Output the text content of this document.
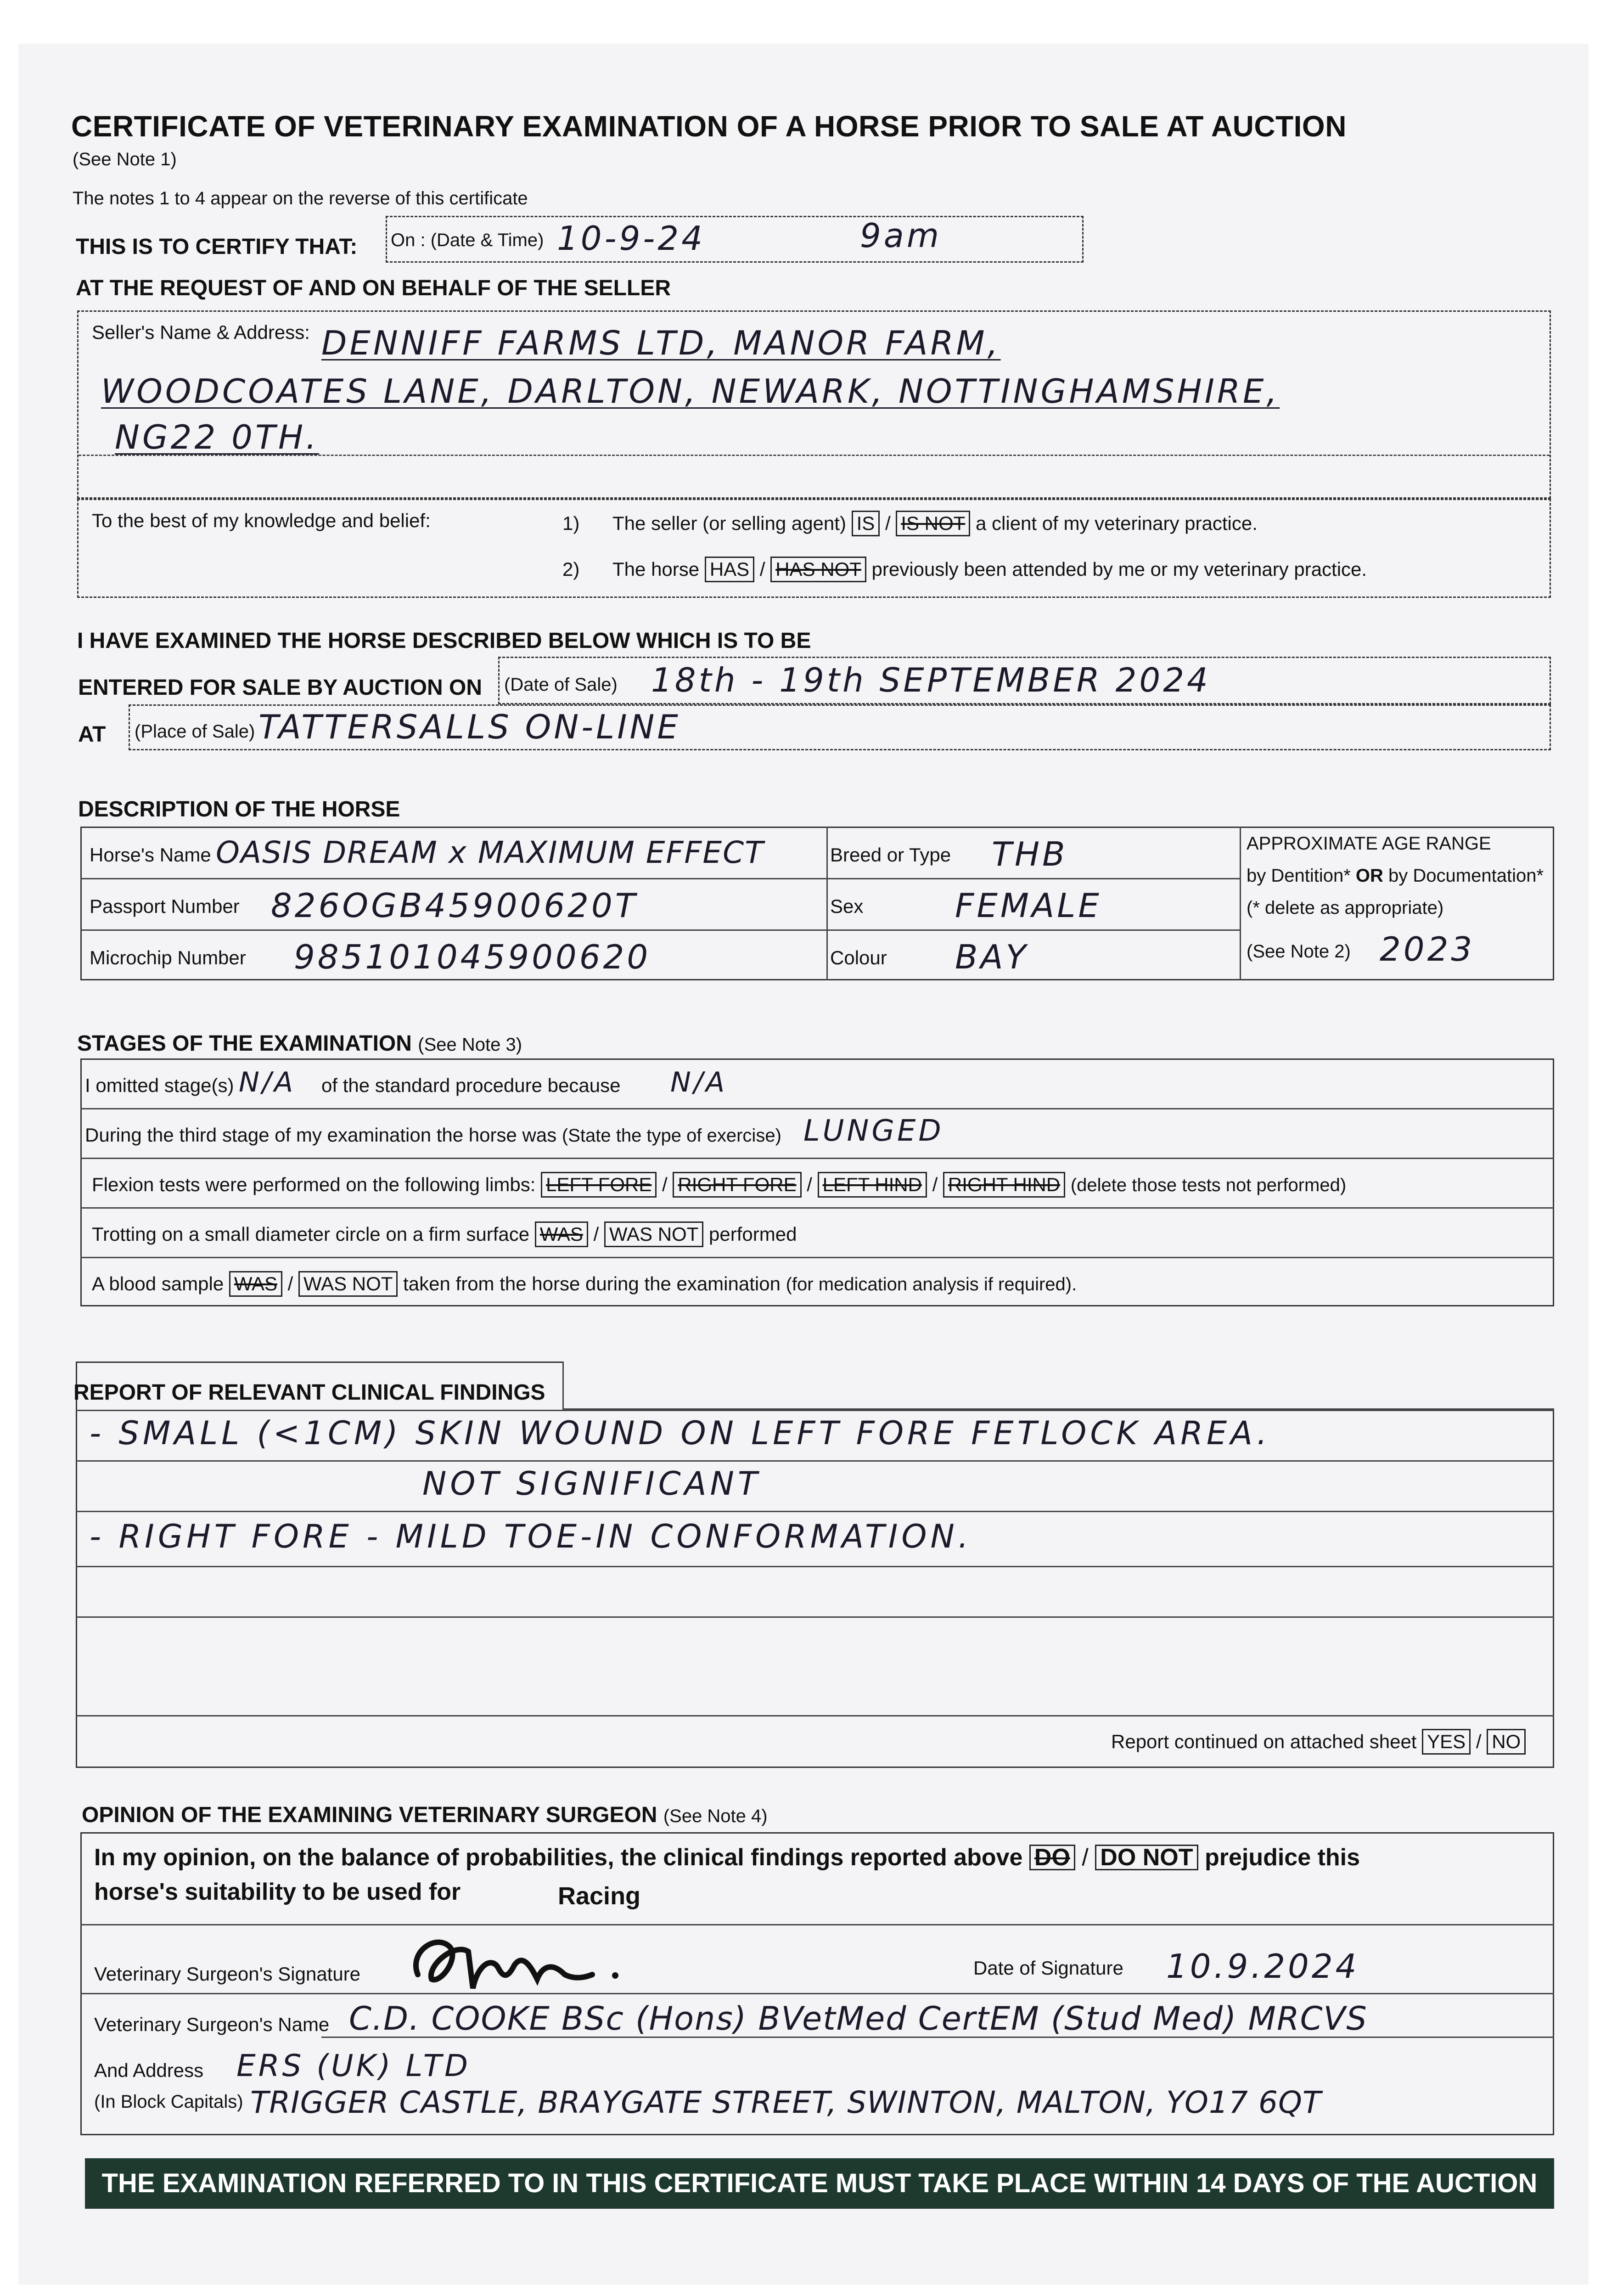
CERTIFICATE OF VETERINARY EXAMINATION OF A HORSE PRIOR TO SALE AT AUCTION
(See Note 1)
The notes 1 to 4 appear on the reverse of this certificate
THIS IS TO CERTIFY THAT: On : (Date & Time) 10-9-24	9am
AT THE REQUEST OF AND ON BEHALF OF THE SELLER
Seller's Name & Address: DENNIFF FARMS LTD, MANOR FARM,
WOODCOATES LANE, DARLTON, NEWARK, NOTTINGHAMSHIRE,
NG22 0TH.
To the best of my knowledge and belief:	1) The seller (or selling agent) IS / IS NOT a client of my veterinary practice.
2) The horse HAS / HAS NOT previously been attended by me or my veterinary practice.
I HAVE EXAMINED THE HORSE DESCRIBED BELOW WHICH IS TO BE
ENTERED FOR SALE BY AUCTION ON (Date of Sale) 18th - 19th SEPTEMBER 2024
AT (Place of Sale) TATTERSALLS ON-LINE
DESCRIPTION OF THE HORSE
Horse's Name OASIS DREAM x MAXIMUM EFFECT	Breed or Type THB
Passport Number 826OGB45900620T	Sex	FEMALE
Microchip Number 985101045900620	Colour BAY
APPROXIMATE AGE RANGE
by Dentition* OR by Documentation*
(* delete as appropriate)
(See Note 2) 2023
STAGES OF THE EXAMINATION (See Note 3)
I omitted stage(s) N/A of the standard procedure because N/A
During the third stage of my examination the horse was (State the type of exercise) LUNGED
Flexion tests were performed on the following limbs: LEFT FORE / RIGHT FORE / LEFT HIND / RIGHT HIND (delete those tests not performed)
Trotting on a small diameter circle on a firm surface WAS / WAS NOT performed
A blood sample WAS / WAS NOT taken from the horse during the examination (for medication analysis if required).
REPORT OF RELEVANT CLINICAL FINDINGS
- SMALL (<1CM) SKIN WOUND ON LEFT FORE FETLOCK AREA.
NOT SIGNIFICANT
- RIGHT FORE - MILD TOE-IN CONFORMATION.
Report continued on attached sheet YES / NO
OPINION OF THE EXAMINING VETERINARY SURGEON (See Note 4)
In my opinion, on the balance of probabilities, the clinical findings reported above DO / DO NOT prejudice this
horse's suitability to be used for	Racing
Veterinary Surgeon's Signature	Date of Signature 10.9.2024
Veterinary Surgeon's Name C.D. COOKE BSc (Hons) BVetMed CertEM (Stud Med) MRCVS
And Address ERS (UK) LTD
(In Block Capitals) TRIGGER CASTLE, BRAYGATE STREET, SWINTON, MALTON, YO17 6QT
THE EXAMINATION REFERRED TO IN THIS CERTIFICATE MUST TAKE PLACE WITHIN 14 DAYS OF THE AUCTION
